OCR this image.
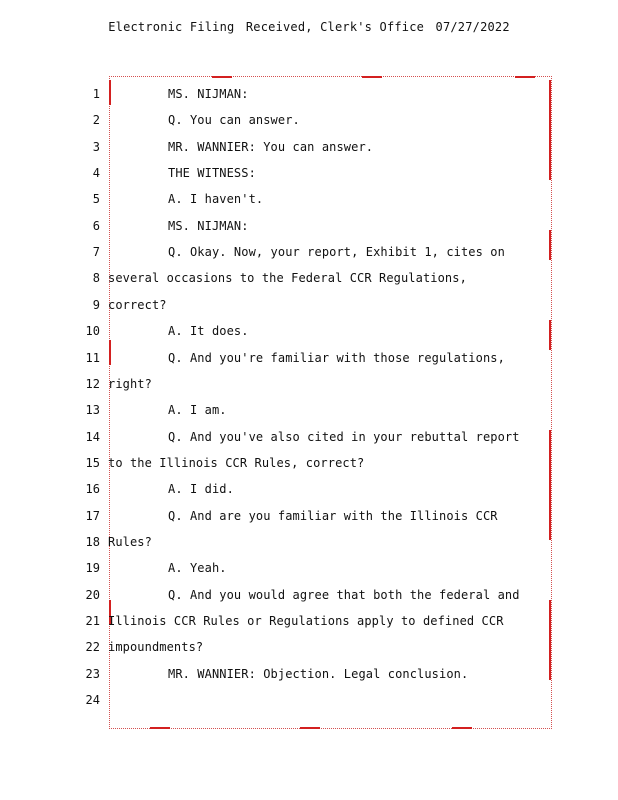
Electronic Filing Received, Clerk's Office 07/27/2022
1	MS. NIJMAN:
2	Q. You can answer.
3	MR. WANNIER: You can answer.
4	THE WITNESS:
5	A. I haven't.
6	MS. NIJMAN:
7	Q. Okay. Now, your report, Exhibit 1, cites on
8 several occasions to the Federal CCR Regulations,
9 correct?
10	A. It does.
11	Q. And you're familiar with those regulations,
12 right?
13	A. I am.
14	Q. And you've also cited in your rebuttal report
15 to the Illinois CCR Rules, correct?
16	A. I did.
17	Q. And are you familiar with the Illinois CCR
18 Rules?
19	A. Yeah.
20	Q. And you would agree that both the federal and
21 Illinois CCR Rules or Regulations apply to defined CCR
22 impoundments?
23	MR. WANNIER: Objection. Legal conclusion.
24
